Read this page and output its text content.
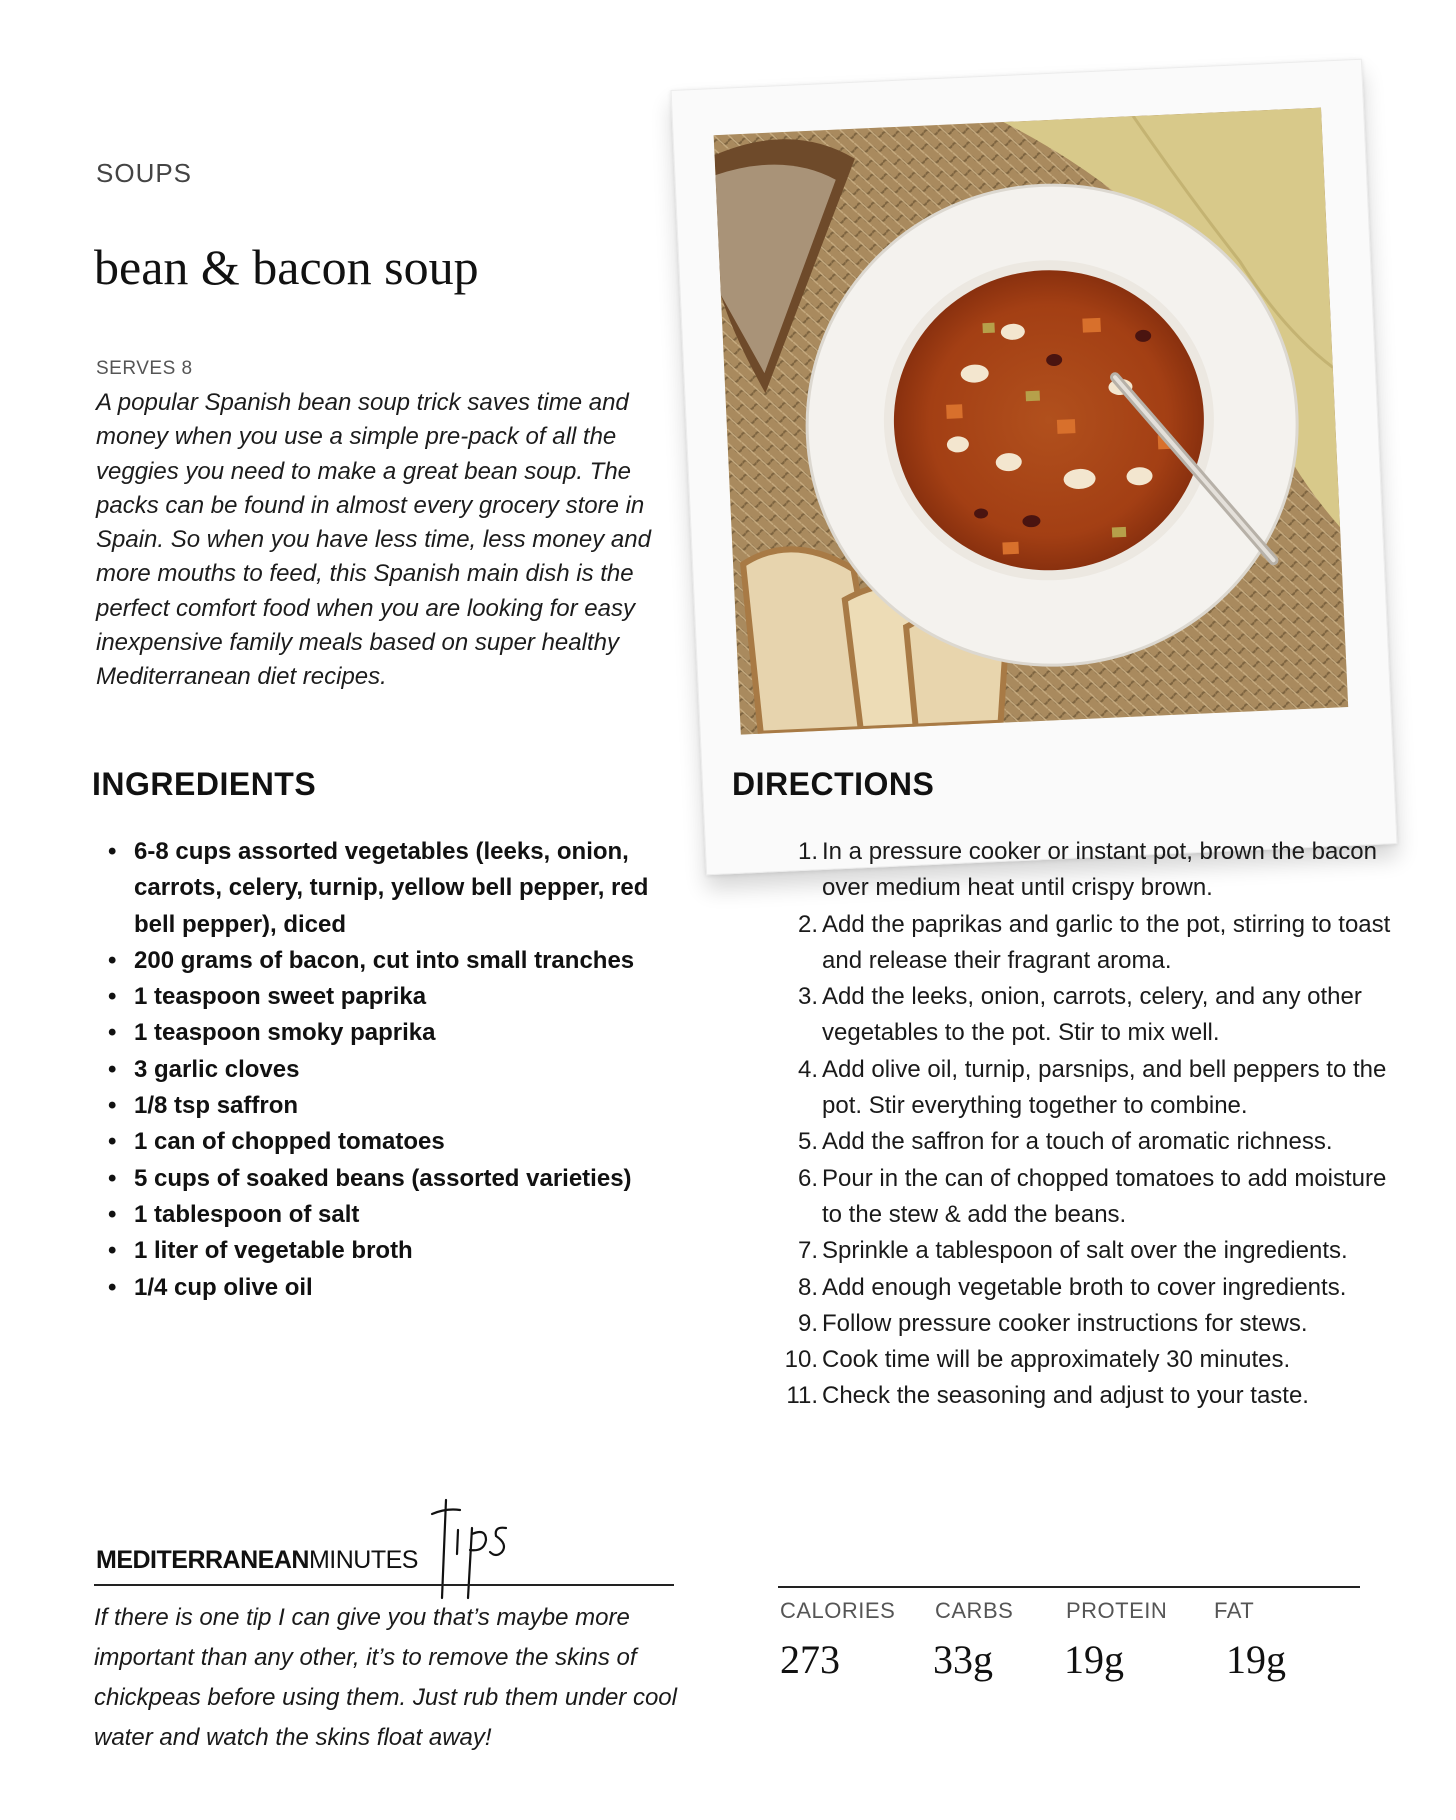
SOUPS
bean & bacon soup
SERVES 8
A popular Spanish bean soup trick saves time and money when you use a simple pre-pack of all the veggies you need to make a great bean soup. The packs can be found in almost every grocery store in Spain. So when you have less time, less money and more mouths to feed, this Spanish main dish is the perfect comfort food when you are looking for easy inexpensive family meals based on super healthy Mediterranean diet recipes.
INGREDIENTS	DIRECTIONS
• 6-8 cups assorted vegetables (leeks, onion, carrots, celery, turnip, yellow bell pepper, red bell pepper), diced
• 200 grams of bacon, cut into small tranches
• 1 teaspoon sweet paprika
• 1 teaspoon smoky paprika
• 3 garlic cloves
• 1/8 tsp saffron
• 1 can of chopped tomatoes
• 5 cups of soaked beans (assorted varieties)
• 1 tablespoon of salt
• 1 liter of vegetable broth
• 1/4 cup olive oil
1. In a pressure cooker or instant pot, brown the bacon over medium heat until crispy brown.
2. Add the paprikas and garlic to the pot, stirring to toast and release their fragrant aroma.
3. Add the leeks, onion, carrots, celery, and any other vegetables to the pot. Stir to mix well.
4. Add olive oil, turnip, parsnips, and bell peppers to the pot. Stir everything together to combine.
5. Add the saffron for a touch of aromatic richness.
6. Pour in the can of chopped tomatoes to add moisture to the stew & add the beans.
7. Sprinkle a tablespoon of salt over the ingredients.
8. Add enough vegetable broth to cover ingredients.
9. Follow pressure cooker instructions for stews.
10. Cook time will be approximately 30 minutes.
11. Check the seasoning and adjust to your taste.
MEDITERRANEANMINUTES
If there is one tip I can give you that’s maybe more important than any other, it’s to remove the skins of chickpeas before using them. Just rub them under cool water and watch the skins float away!
CALORIES CARBS PROTEIN FAT
273 33g 19g	19g
